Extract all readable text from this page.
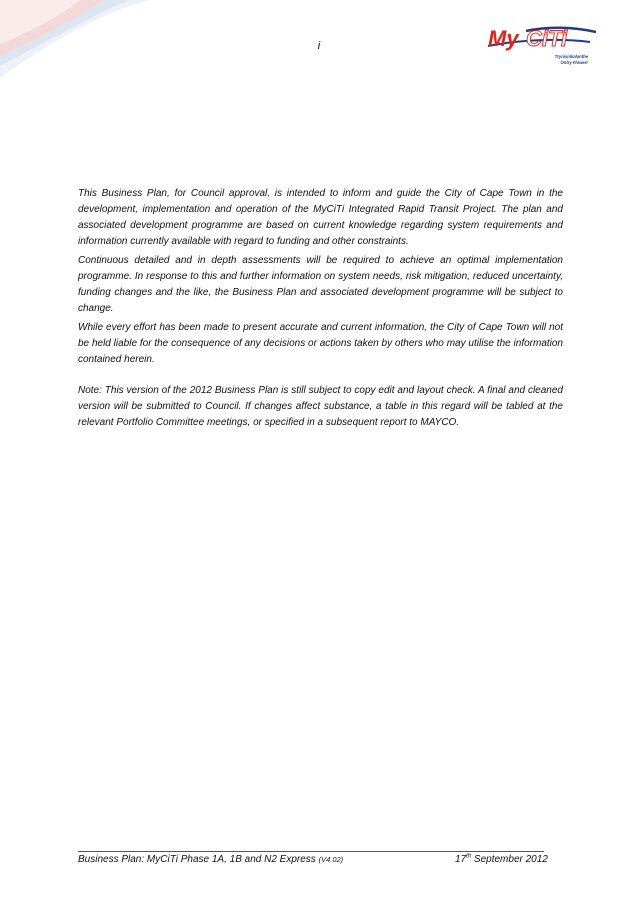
i	My CiTi
Trynisinkalanthe
Ontry Flowerr

This Business Plan, for Council approval, is intended to inform and guide the City of Cape Town in the development, implementation and operation of the MyCiTi Integrated Rapid Transit Project. The plan and associated development programme are based on current knowledge regarding system requirements and information currently available with regard to funding and other constraints.

Continuous detailed and in depth assessments will be required to achieve an optimal implementation programme. In response to this and further information on system needs, risk mitigation, reduced uncertainty, funding changes and the like, the Business Plan and associated development programme will be subject to change.

While every effort has been made to present accurate and current information, the City of Cape Town will not be held liable for the consequence of any decisions or actions taken by others who may utilise the information contained herein.

Note: This version of the 2012 Business Plan is still subject to copy edit and layout check. A final and cleaned version will be submitted to Council. If changes affect substance, a table in this regard will be tabled at the relevant Portfolio Committee meetings, or specified in a subsequent report to MAYCO.

Business Plan: MyCiTi Phase 1A, 1B and N2 Express (V4.02)	17th September 2012
